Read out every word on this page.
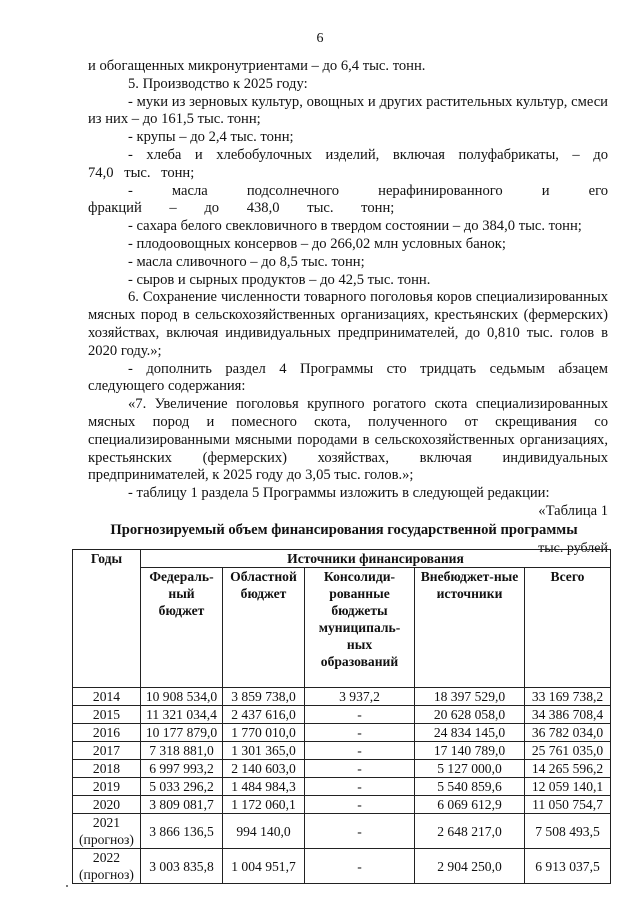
6

и обогащенных микронутриентами – до 6,4 тыс. тонн.

5. Производство к 2025 году:

- муки из зерновых культур, овощных и других растительных культур, смеси из них – до 161,5 тыс. тонн;

- крупы – до 2,4 тыс. тонн;

- хлеба и хлебобулочных изделий, включая полуфабрикаты, – до 74,0 тыс. тонн;

- масла подсолнечного нерафинированного и его фракций – до 438,0 тыс. тонн;

- сахара белого свекловичного в твердом состоянии – до 384,0 тыс. тонн;

- плодоовощных консервов – до 266,02 млн условных банок;

- масла сливочного – до 8,5 тыс. тонн;

- сыров и сырных продуктов – до 42,5 тыс. тонн.

6. Сохранение численности товарного поголовья коров специализированных мясных пород в сельскохозяйственных организациях, крестьянских (фермерских) хозяйствах, включая индивидуальных предпринимателей, до 0,810 тыс. голов в 2020 году.»;

- дополнить раздел 4 Программы сто тридцать седьмым абзацем следующего содержания:

«7. Увеличение поголовья крупного рогатого скота специализированных мясных пород и помесного скота, полученного от скрещивания со специализированными мясными породами в сельскохозяйственных организациях, крестьянских (фермерских) хозяйствах, включая индивидуальных предпринимателей, к 2025 году до 3,05 тыс. голов.»;

- таблицу 1 раздела 5 Программы изложить в следующей редакции:

«Таблица 1

Прогнозируемый объем финансирования государственной программы

тыс. рублей

Годы	Источники финансирования				
	Федераль-ный бюджет	Областной бюджет	Консолиди-рованные бюджеты муниципаль-ных образований	Внебюджет-ные источники	Всего
2014	10 908 534,0	3 859 738,0	3 937,2	18 397 529,0	33 169 738,2
2015	11 321 034,4	2 437 616,0	-	20 628 058,0	34 386 708,4
2016	10 177 879,0	1 770 010,0	-	24 834 145,0	36 782 034,0
2017	7 318 881,0	1 301 365,0	-	17 140 789,0	25 761 035,0
2018	6 997 993,2	2 140 603,0	-	5 127 000,0	14 265 596,2
2019	5 033 296,2	1 484 984,3	-	5 540 859,6	12 059 140,1
2020	3 809 081,7	1 172 060,1	-	6 069 612,9	11 050 754,7
2021
(прогноз)	3 866 136,5	994 140,0	-	2 648 217,0	7 508 493,5
2022
(прогноз)	3 003 835,8	1 004 951,7	-	2 904 250,0	6 913 037,5
